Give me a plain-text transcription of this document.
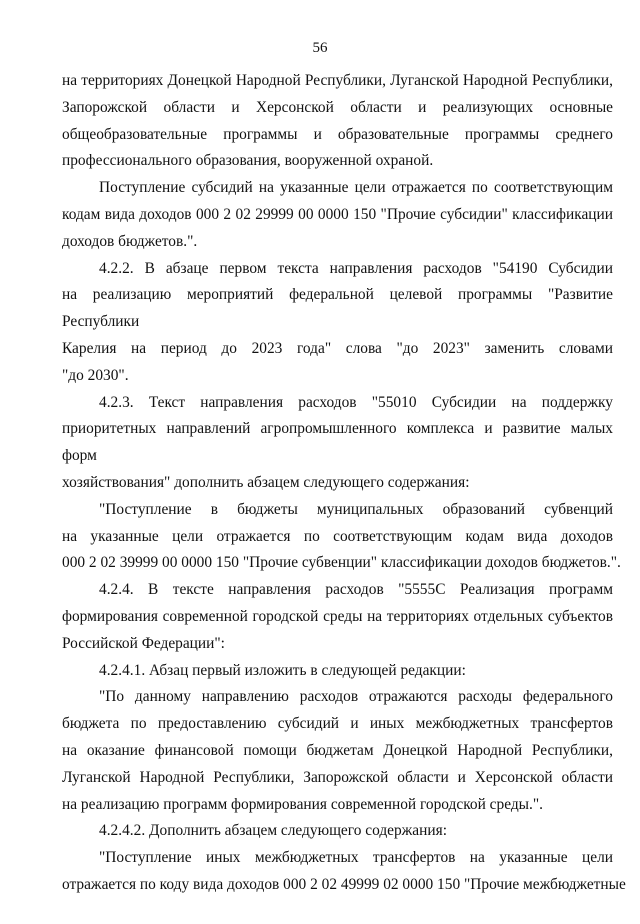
56
на территориях Донецкой Народной Республики, Луганской Народной Республики,
Запорожской области и Херсонской области и реализующих основные
общеобразовательные программы и образовательные программы среднего
профессионального образования, вооруженной охраной.
Поступление субсидий на указанные цели отражается по соответствующим
кодам вида доходов 000 2 02 29999 00 0000 150 "Прочие субсидии" классификации
доходов бюджетов.".
4.2.2. В абзаце первом текста направления расходов "54190 Субсидии
на реализацию мероприятий федеральной целевой программы "Развитие Республики
Карелия на период до 2023 года" слова "до 2023" заменить словами
"до 2030".
4.2.3. Текст направления расходов "55010 Субсидии на поддержку
приоритетных направлений агропромышленного комплекса и развитие малых форм
хозяйствования" дополнить абзацем следующего содержания:
"Поступление в бюджеты муниципальных образований субвенций
на указанные цели отражается по соответствующим кодам вида доходов
000 2 02 39999 00 0000 150 "Прочие субвенции" классификации доходов бюджетов.".
4.2.4. В тексте направления расходов "5555С Реализация программ
формирования современной городской среды на территориях отдельных субъектов
Российской Федерации":
4.2.4.1. Абзац первый изложить в следующей редакции:
"По данному направлению расходов отражаются расходы федерального
бюджета по предоставлению субсидий и иных межбюджетных трансфертов
на оказание финансовой помощи бюджетам Донецкой Народной Республики,
Луганской Народной Республики, Запорожской области и Херсонской области
на реализацию программ формирования современной городской среды.".
4.2.4.2. Дополнить абзацем следующего содержания:
"Поступление иных межбюджетных трансфертов на указанные цели
отражается по коду вида доходов 000 2 02 49999 02 0000 150 "Прочие межбюджетные
